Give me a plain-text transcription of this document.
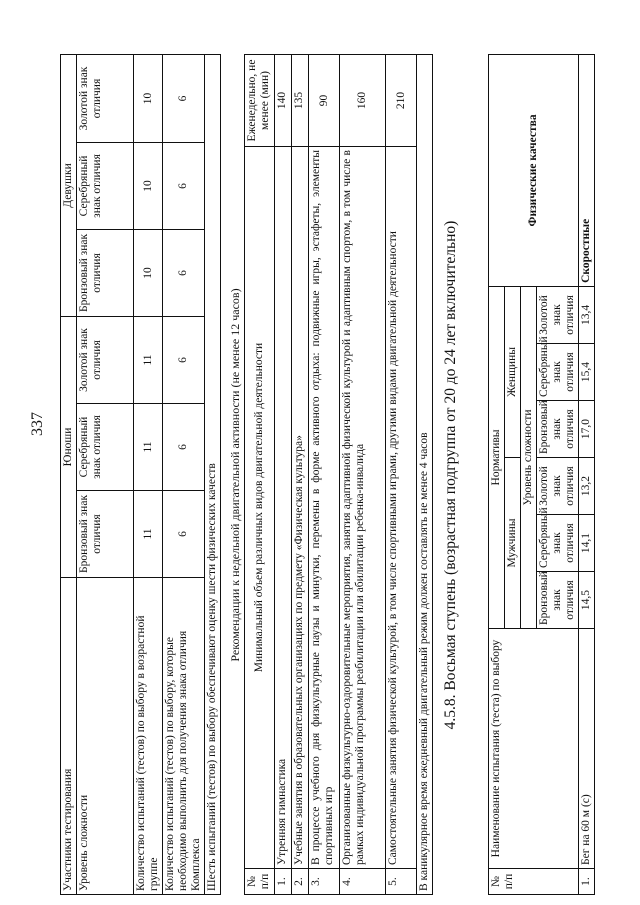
337
Участники тестирования	Юноши			Девушки		
Уровень сложности	Бронзовый знак отличия	Серебряный знак отличия	Золотой знак отличия	Бронзовый знак отличия	Серебряный знак отличия	Золотой знак отличия
Количество испытаний (тестов) по выбору в возрастной группе	11	11	11	10	10	10
Количество испытаний (тестов) по выбору, которые необходимо выполнить для получения знака отличия Комплекса	6	6	6	6	6	6
Шесть испытаний (тестов) по выбору обеспечивают оценку шести физических качеств						Рекомендации к недельной двигательной активности (не менее 12 часов)
№ п/п	Минимальный объем различных видов двигательной деятельности	Еженедельно, не менее (мин)
1.	Утренняя гимнастика	140
2.	Учебные занятия в образовательных организациях по предмету «Физическая культура»	135
3.	В процессе учебного дня физкультурные паузы и минутки, перемены в форме активного отдыха: подвижные игры, эстафеты, элементы спортивных игр	90
4.	Организованные физкультурно-оздоровительные мероприятия, занятия адаптивной физической культурой и адаптивным спортом, в том числе в рамках индивидуальной программы реабилитации или абилитации ребенка-инвалида	160
5.	Самостоятельные занятия физической культурой, в том числе спортивными играми, другими видами двигательной деятельности	210
В каникулярное время ежедневный двигательный режим должен составлять не менее 4 часов		4.5.8. Восьмая ступень (возрастная подгруппа от 20 до 24 лет включительно)
№ п/п	Наименование испытания (теста) по выбору	Нормативы						Физические качества
		Мужчины			Женщины			
		Уровень сложности						
		Бронзовый знак отличия	Серебряный знак отличия	Золотой знак отличия	Бронзовый знак отличия	Серебряный знак отличия	Золотой знак отличия	
1.	Бег на 60 м (с)	14,5	14,1	13,2	17,0	15,4	13,4	Скоростные
